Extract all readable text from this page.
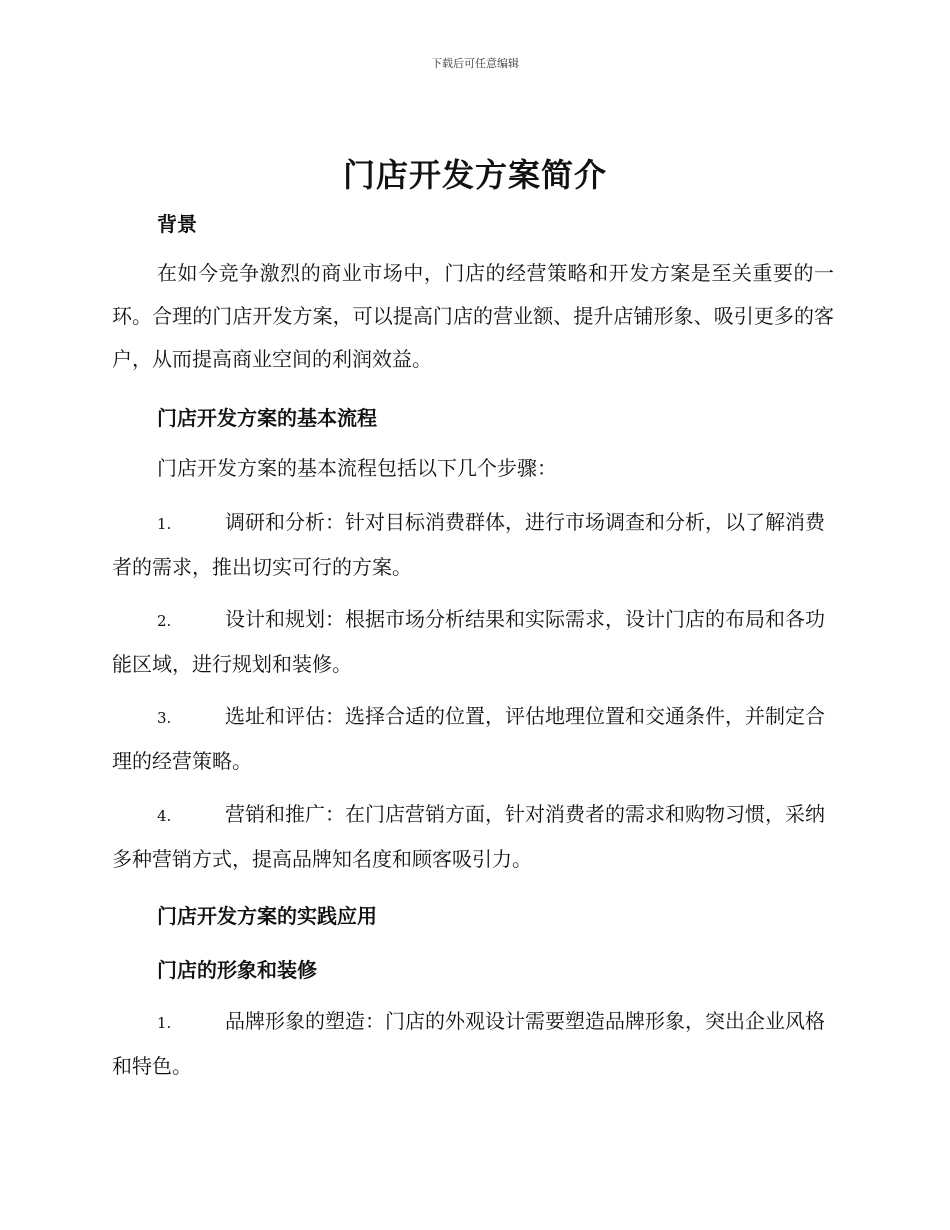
下载后可任意编辑
门店开发方案简介
背景

在如今竞争激烈的商业市场中，门店的经营策略和开发方案是至关重要的一环。合理的门店开发方案，可以提高门店的营业额、提升店铺形象、吸引更多的客户，从而提高商业空间的利润效益。

门店开发方案的基本流程

门店开发方案的基本流程包括以下几个步骤：

1.	调研和分析：针对目标消费群体，进行市场调查和分析，以了解消费者的需求，推出切实可行的方案。

2.	设计和规划：根据市场分析结果和实际需求，设计门店的布局和各功能区域，进行规划和装修。

3.	选址和评估：选择合适的位置，评估地理位置和交通条件，并制定合理的经营策略。

4.	营销和推广：在门店营销方面，针对消费者的需求和购物习惯，采纳多种营销方式，提高品牌知名度和顾客吸引力。

门店开发方案的实践应用
门店的形象和装修

1.	品牌形象的塑造：门店的外观设计需要塑造品牌形象，突出企业风格和特色。
